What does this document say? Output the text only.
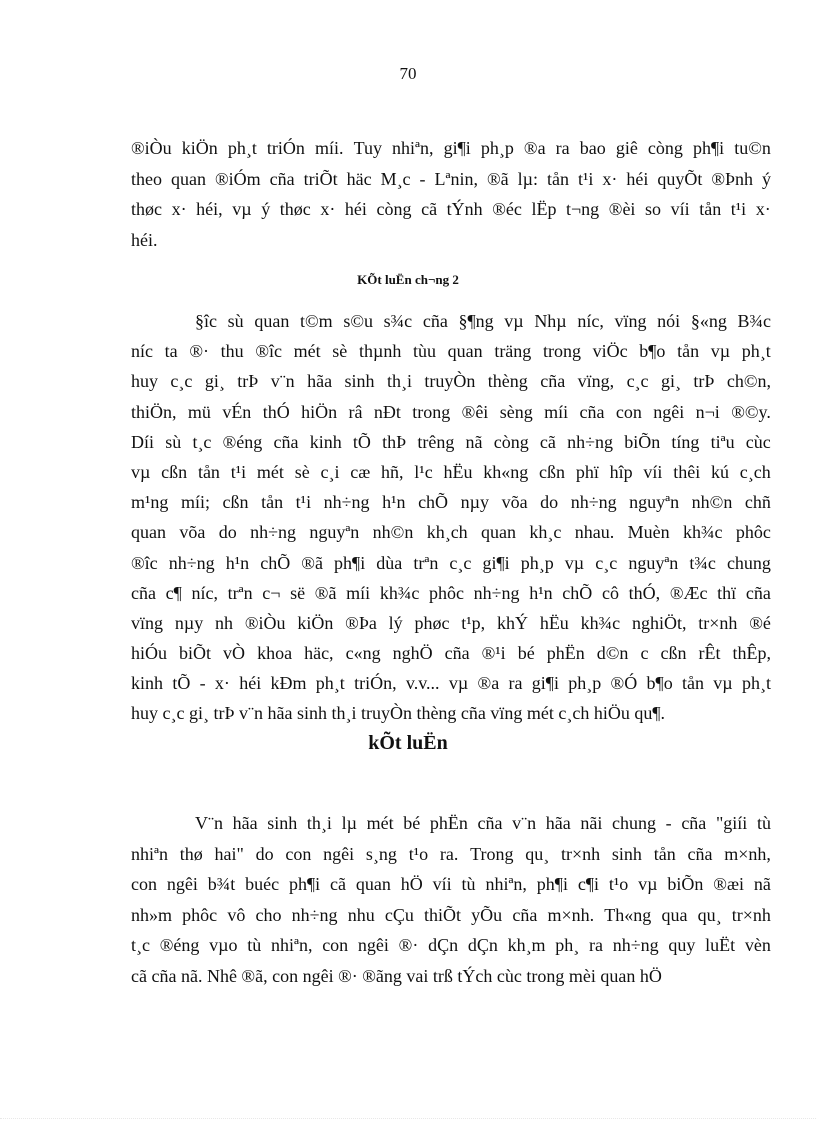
70
®iÒu kiÖn ph¸t triÓn míi. Tuy nhiªn, gi¶i ph¸p ®a ra bao giê còng ph¶i tu©n
theo quan ®iÓm cña triÕt häc M¸c - Lªnin, ®ã lµ: tån t¹i x· héi quyÕt ®Þnh ý
thøc x· héi, vµ ý thøc x· héi còng cã tÝnh ®éc lËp t¬ng ®èi so víi tån t¹i x·
héi.
KÕt luËn ch¬ng 2
§îc sù quan t©m s©u s¾c cña §¶ng vµ Nhµ níc, vïng nói §«ng B¾c
níc ta ®· thu ®îc mét sè thµnh tùu quan träng trong viÖc b¶o tån vµ ph¸t
huy c¸c gi¸ trÞ v¨n hãa sinh th¸i truyÒn thèng cña vïng, c¸c gi¸ trÞ ch©n,
thiÖn, mü vÉn thÓ hiÖn râ nÐt trong ®êi sèng míi cña con ngêi n¬i ®©y.
Díi sù t¸c ®éng cña kinh tÕ thÞ trêng nã còng cã nh÷ng biÕn tíng tiªu cùc
vµ cßn tån t¹i mét sè c¸i cæ hñ, l¹c hËu kh«ng cßn phï hîp víi thêi kú c¸ch
m¹ng míi; cßn tån t¹i nh÷ng h¹n chÕ nµy võa do nh÷ng nguyªn nh©n chñ
quan võa do nh÷ng nguyªn nh©n kh¸ch quan kh¸c nhau. Muèn kh¾c phôc
®îc nh÷ng h¹n chÕ ®ã ph¶i dùa trªn c¸c gi¶i ph¸p vµ c¸c nguyªn t¾c chung
cña c¶ níc, trªn c¬ së ®ã míi kh¾c phôc nh÷ng h¹n chÕ cô thÓ, ®Æc thï cña
vïng nµy nh ®iÒu kiÖn ®Þa lý phøc t¹p, khÝ hËu kh¾c nghiÖt, tr×nh ®é
hiÓu biÕt vÒ khoa häc, c«ng nghÖ cña ®¹i bé phËn d©n c cßn rÊt thÊp,
kinh tÕ - x· héi kÐm ph¸t triÓn, v.v... vµ ®a ra gi¶i ph¸p ®Ó b¶o tån vµ ph¸t
huy c¸c gi¸ trÞ v¨n hãa sinh th¸i truyÒn thèng cña vïng mét c¸ch hiÖu qu¶.
kÕt luËn
V¨n hãa sinh th¸i lµ mét bé phËn cña v¨n hãa nãi chung - cña "giíi tù
nhiªn thø hai" do con ngêi s¸ng t¹o ra. Trong qu¸ tr×nh sinh tån cña m×nh,
con ngêi b¾t buéc ph¶i cã quan hÖ víi tù nhiªn, ph¶i c¶i t¹o vµ biÕn ®æi nã
nh»m phôc vô cho nh÷ng nhu cÇu thiÕt yÕu cña m×nh. Th«ng qua qu¸ tr×nh
t¸c ®éng vµo tù nhiªn, con ngêi ®· dÇn dÇn kh¸m ph¸ ra nh÷ng quy luËt vèn
cã cña nã. Nhê ®ã, con ngêi ®· ®ãng vai trß tÝch cùc trong mèi quan hÖ
